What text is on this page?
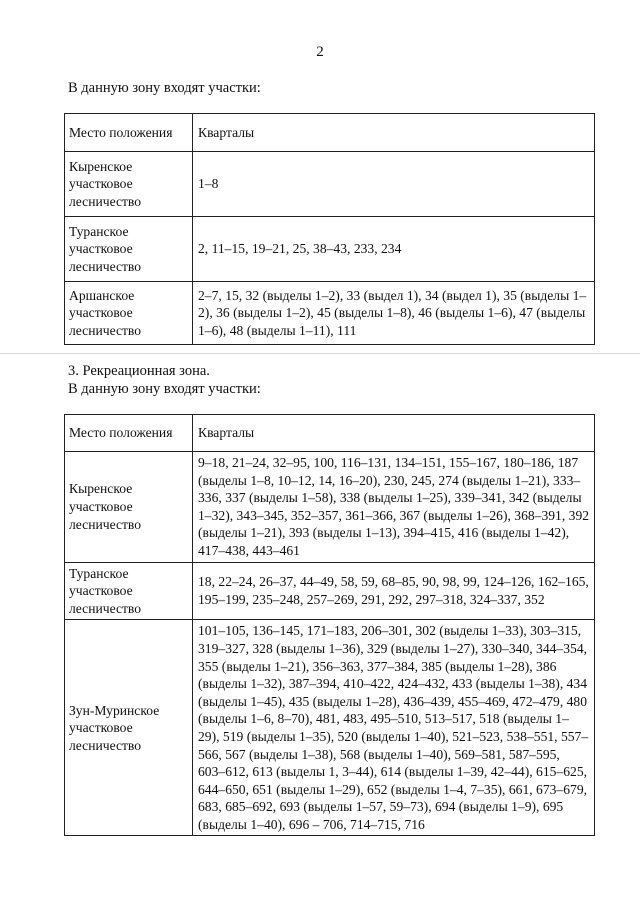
2

В данную зону входят участки:

Место положения	Кварталы
Кыренское участковое лесничество	1–8
Туранское участковое лесничество	2, 11–15, 19–21, 25, 38–43, 233, 234
Аршанское участковое лесничество	2–7, 15, 32 (выделы 1–2), 33 (выдел 1), 34 (выдел 1), 35 (выделы 1–2), 36 (выделы 1–2), 45 (выделы 1–8), 46 (выделы 1–6), 47 (выделы 1–6), 48 (выделы 1–11), 111

3. Рекреационная зона.

В данную зону входят участки:

Место положения	Кварталы
Кыренское участковое лесничество	9–18, 21–24, 32–95, 100, 116–131, 134–151, 155–167, 180–186, 187 (выделы 1–8, 10–12, 14, 16–20), 230, 245, 274 (выделы 1–21), 333–336, 337 (выделы 1–58), 338 (выделы 1–25), 339–341, 342 (выделы 1–32), 343–345, 352–357, 361–366, 367 (выделы 1–26), 368–391, 392 (выделы 1–21), 393 (выделы 1–13), 394–415, 416 (выделы 1–42), 417–438, 443–461
Туранское участковое лесничество	18, 22–24, 26–37, 44–49, 58, 59, 68–85, 90, 98, 99, 124–126, 162–165, 195–199, 235–248, 257–269, 291, 292, 297–318, 324–337, 352
Зун-Муринское участковое лесничество	101–105, 136–145, 171–183, 206–301, 302 (выделы 1–33), 303–315, 319–327, 328 (выделы 1–36), 329 (выделы 1–27), 330–340, 344–354, 355 (выделы 1–21), 356–363, 377–384, 385 (выделы 1–28), 386 (выделы 1–32), 387–394, 410–422, 424–432, 433 (выделы 1–38), 434 (выделы 1–45), 435 (выделы 1–28), 436–439, 455–469, 472–479, 480 (выделы 1–6, 8–70), 481, 483, 495–510, 513–517, 518 (выделы 1–29), 519 (выделы 1–35), 520 (выделы 1–40), 521–523, 538–551, 557–566, 567 (выделы 1–38), 568 (выделы 1–40), 569–581, 587–595, 603–612, 613 (выделы 1, 3–44), 614 (выделы 1–39, 42–44), 615–625, 644–650, 651 (выделы 1–29), 652 (выделы 1–4, 7–35), 661, 673–679, 683, 685–692, 693 (выделы 1–57, 59–73), 694 (выделы 1–9), 695 (выделы 1–40), 696 – 706, 714–715, 716
